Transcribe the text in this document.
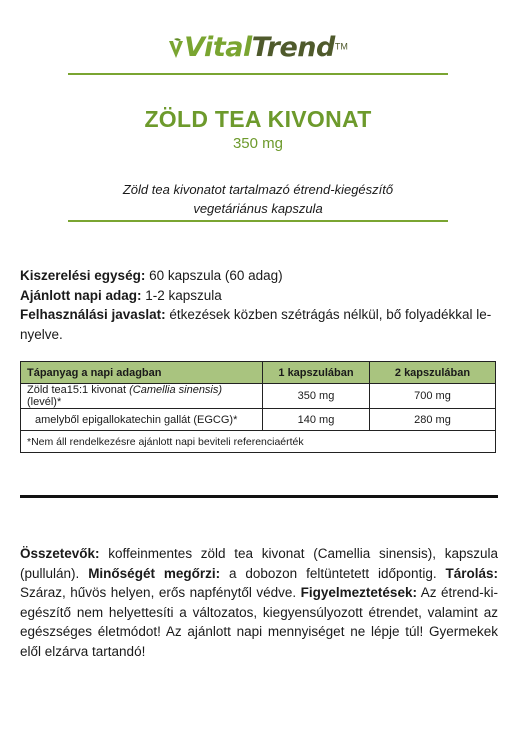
VitalTrend™
ZÖLD TEA KIVONAT
350 mg
Zöld tea kivonatot tartalmazó étrend-kiegészítő
vegetáriánus kapszula
Kiszerelési egység: 60 kapszula (60 adag)
Ajánlott napi adag: 1-2 kapszula
Felhasználási javaslat: étkezések közben szétrágás nélkül, bő folyadékkal le-nyelve.
Tápanyag a napi adagban	1 kapszulában	2 kapszulában
Zöld tea15:1 kivonat (Camellia sinensis)(levél)*	350 mg	700 mg
amelyből epigallokatechin gallát (EGCG)*	140 mg	280 mg
*Nem áll rendelkezésre ajánlott napi beviteli referenciaérték		
Összetevők: koffeinmentes zöld tea kivonat (Camellia sinensis), kapszula (pullulán). Minőségét megőrzi: a dobozon feltüntetett időpontig. Tárolás: Száraz, hűvös helyen, erős napfénytől védve. Figyelmeztetések: Az étrend-ki-egészítő nem helyettesíti a változatos, kiegyensúlyozott étrendet, valamint az egészséges életmódot! Az ajánlott napi mennyiséget ne lépje túl! Gyermekek elől elzárva tartandó!
